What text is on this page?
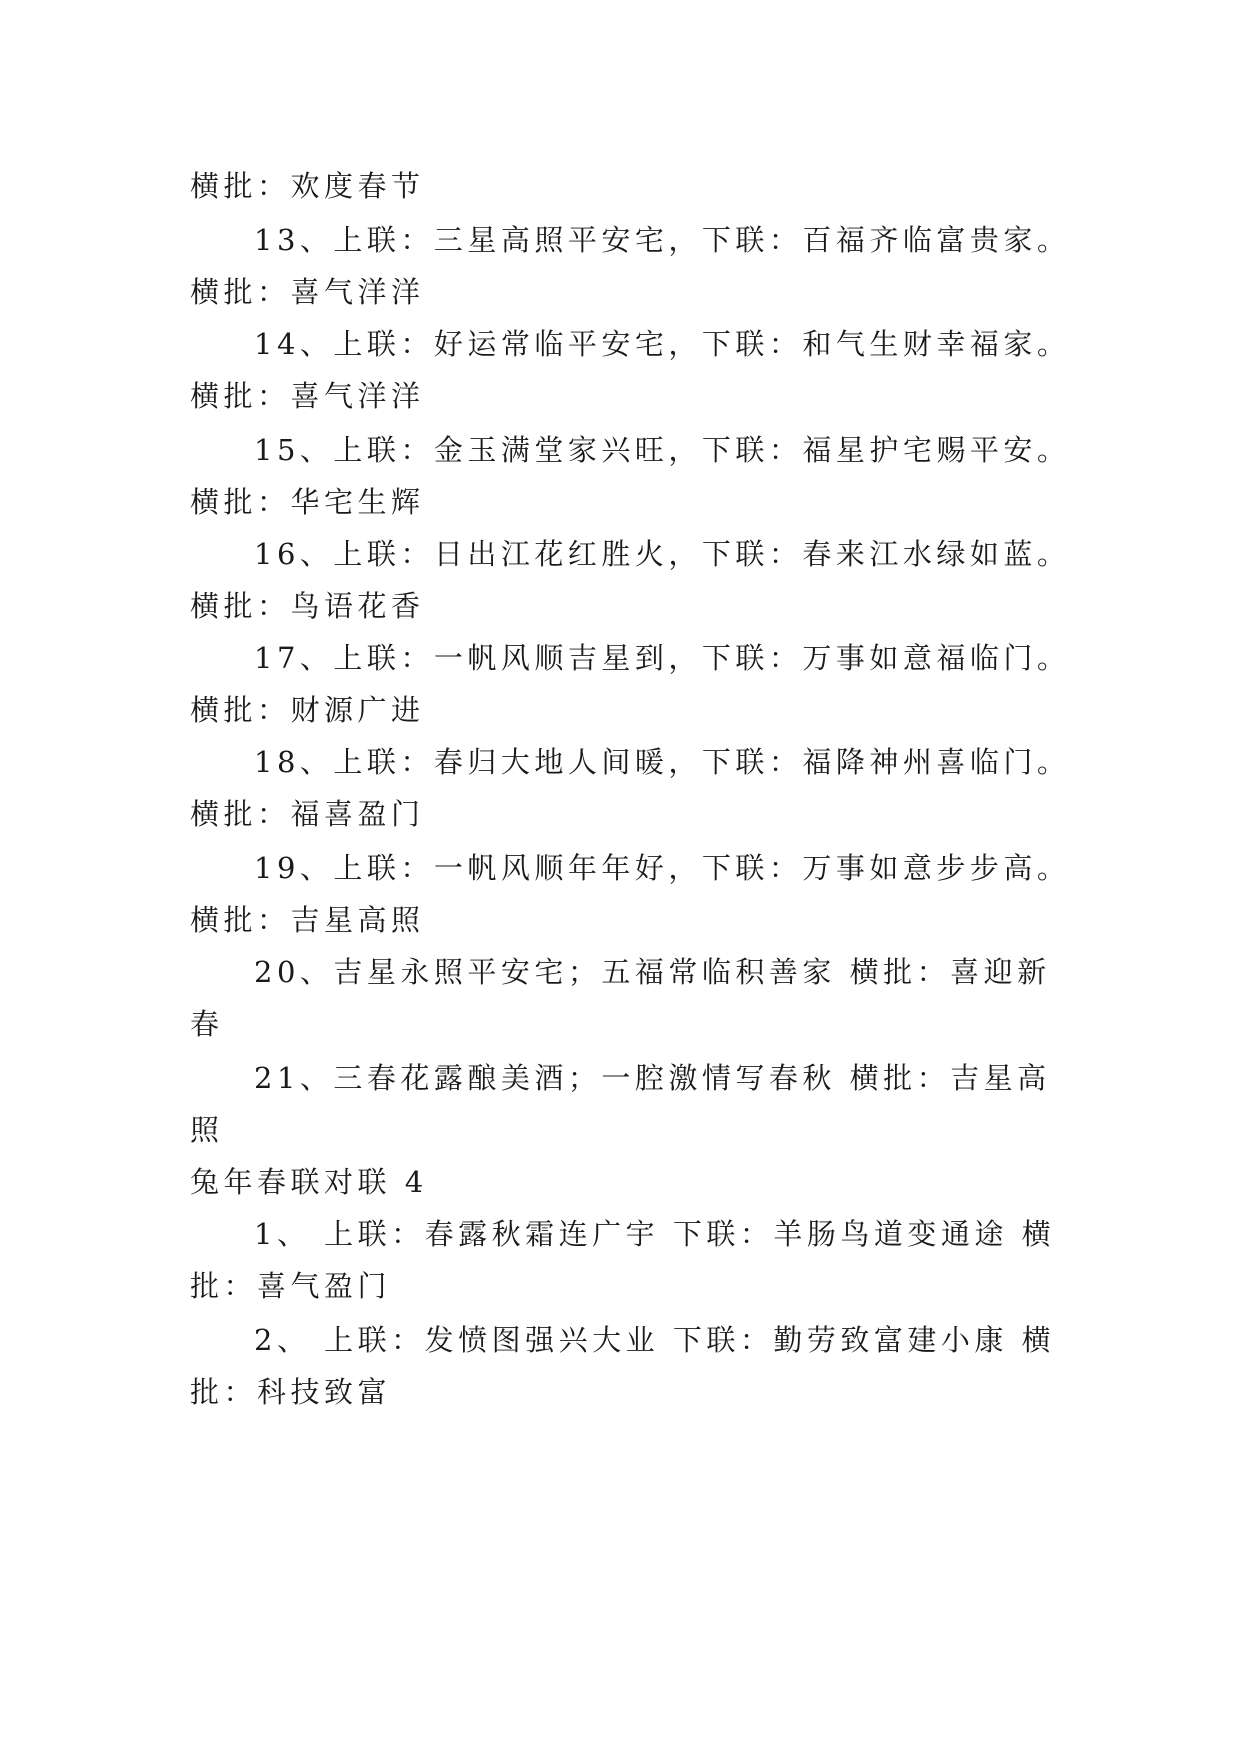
横批：欢度春节
13、上联：三星高照平安宅，下联：百福齐临富贵家。
横批：喜气洋洋
14、上联：好运常临平安宅，下联：和气生财幸福家。
横批：喜气洋洋
15、上联：金玉满堂家兴旺，下联：福星护宅赐平安。
横批：华宅生辉
16、上联：日出江花红胜火，下联：春来江水绿如蓝。
横批：鸟语花香
17、上联：一帆风顺吉星到，下联：万事如意福临门。
横批：财源广进
18、上联：春归大地人间暖，下联：福降神州喜临门。
横批：福喜盈门
19、上联：一帆风顺年年好，下联：万事如意步步高。
横批：吉星高照
20、吉星永照平安宅；五福常临积善家 横批：喜迎新
春
21、三春花露酿美酒；一腔激情写春秋 横批：吉星高
照
兔年春联对联 4
1、 上联：春露秋霜连广宇 下联：羊肠鸟道变通途 横
批：喜气盈门
2、 上联：发愤图强兴大业 下联：勤劳致富建小康 横
批：科技致富
